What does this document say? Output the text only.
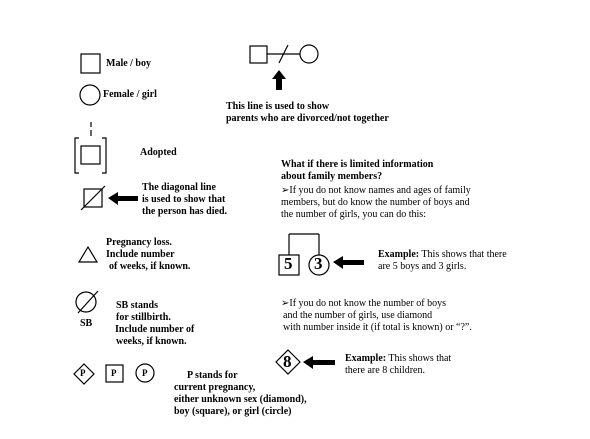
Male / boy
Female / girl
This line is used to show
parents who are divorced/not together
Adopted
The diagonal line
is used to show that
the person has died.
Pregnancy loss.
Include number
of weeks, if known.
SB
SB stands
for stillbirth.
Include number of
weeks, if known.
P	P	P	P stands for
current pregnancy,
either unknown sex (diamond),
boy (square), or girl (circle)
What if there is limited information
about family members?
➢If you do not know names and ages of family
members, but do know the number of boys and
the number of girls, you can do this:
5 3	Example: This shows that there
are 5 boys and 3 girls.
➢If you do not know the number of boys
and the number of girls, use diamond
with number inside it (if total is known) or “?”.
8	Example: This shows that
there are 8 children.
